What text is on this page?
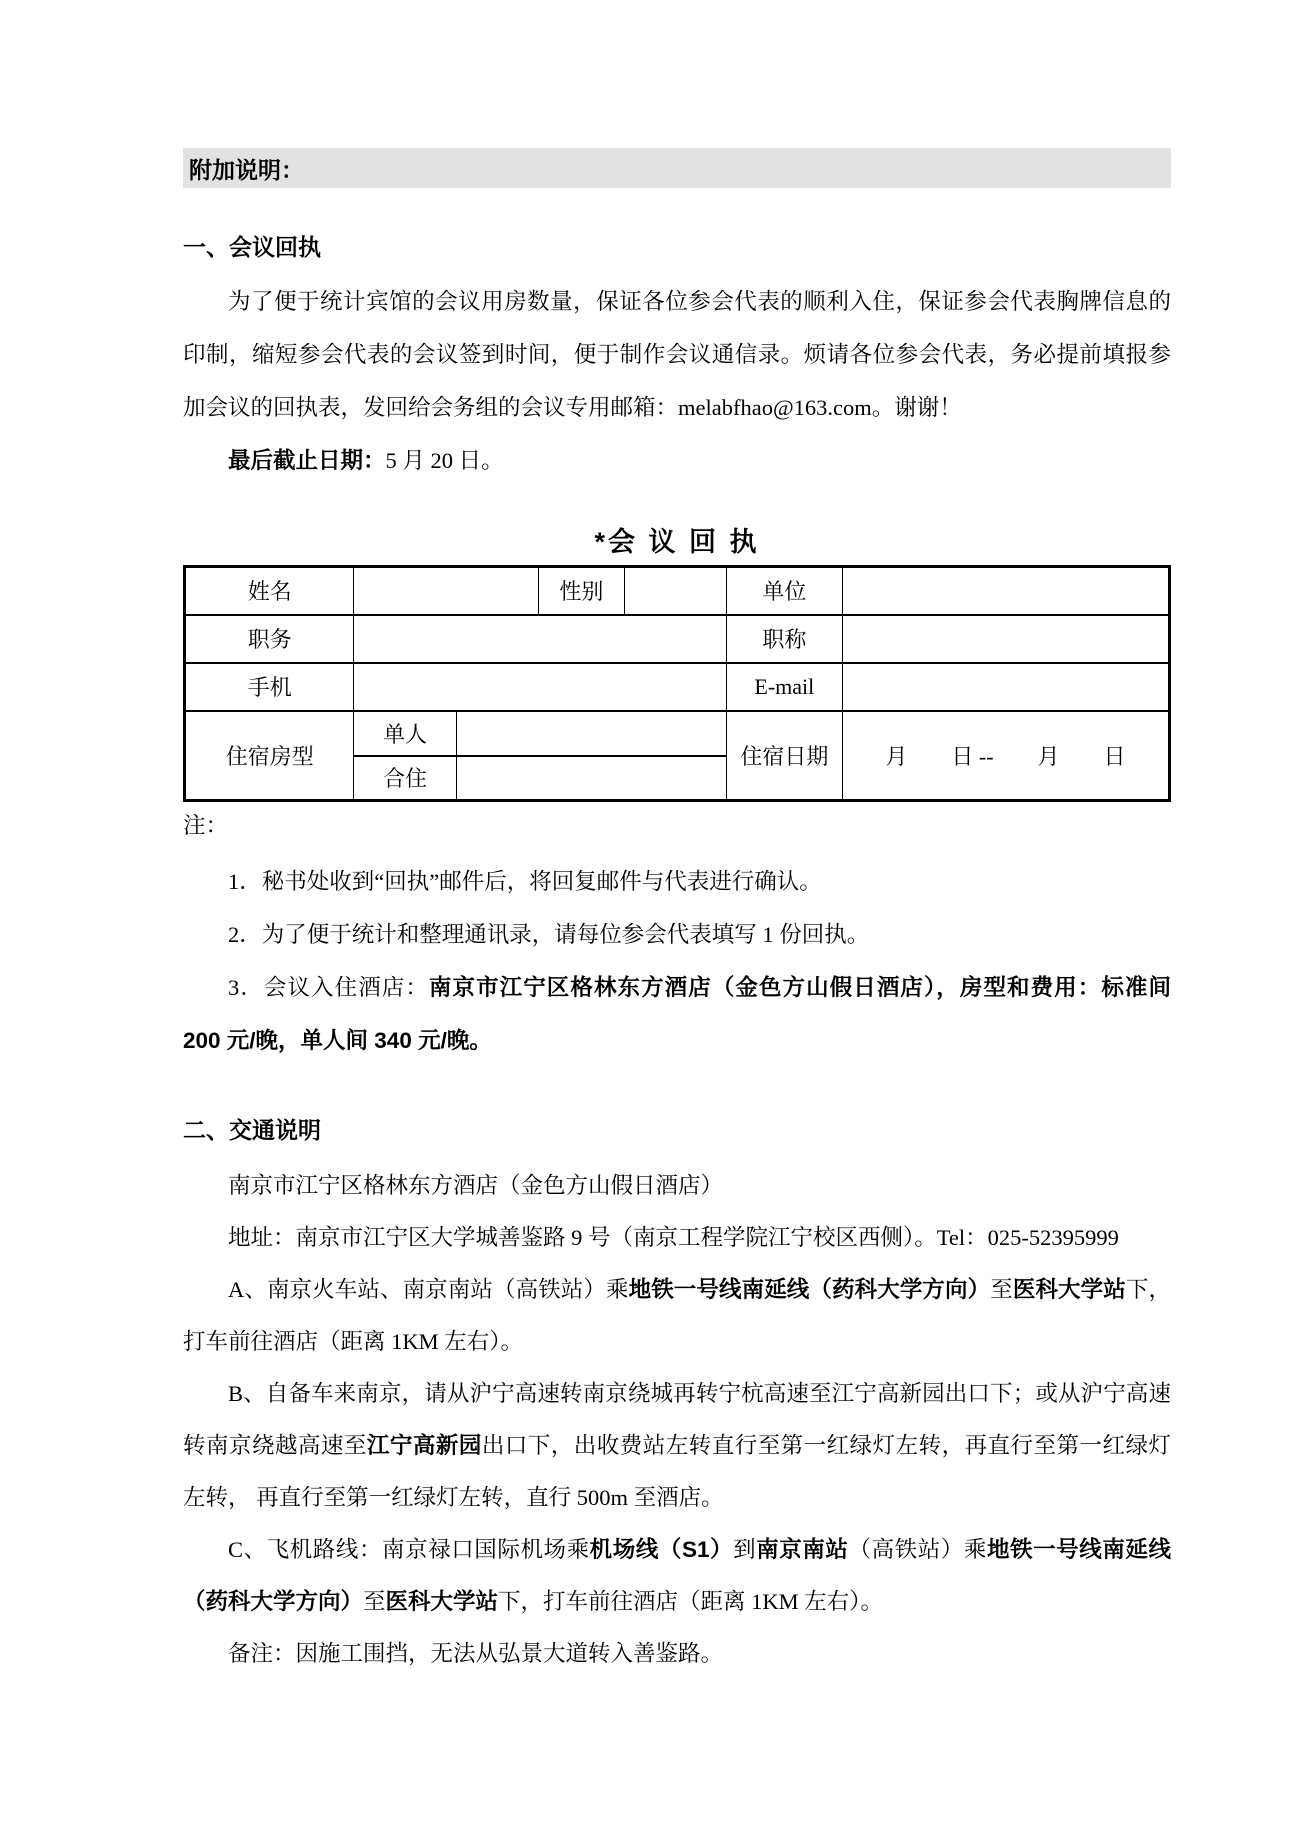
附加说明：
一、会议回执

为了便于统计宾馆的会议用房数量，保证各位参会代表的顺利入住，保证参会代表胸牌信息的印制，缩短参会代表的会议签到时间，便于制作会议通信录。烦请各位参会代表，务必提前填报参加会议的回执表，发回给会务组的会议专用邮箱：melabfhao@163.com。谢谢！

最后截止日期：5 月 20 日。

*会 议 回 执
姓名			性别		单位	
职务					职称	
手机					E-mail	
住宿房型	单人				住宿日期	月　　日 --　　月　　日
	合住					

注：

1．秘书处收到“回执”邮件后，将回复邮件与代表进行确认。

2．为了便于统计和整理通讯录，请每位参会代表填写 1 份回执。

3．会议入住酒店：南京市江宁区格林东方酒店（金色方山假日酒店），房型和费用：标准间 200 元/晚，单人间 340 元/晚。

二、交通说明

南京市江宁区格林东方酒店（金色方山假日酒店）

地址：南京市江宁区大学城善鉴路 9 号（南京工程学院江宁校区西侧）。Tel：025-52395999

A、南京火车站、南京南站（高铁站）乘地铁一号线南延线（药科大学方向）至医科大学站下，打车前往酒店（距离 1KM 左右）。

B、自备车来南京，请从沪宁高速转南京绕城再转宁杭高速至江宁高新园出口下；或从沪宁高速转南京绕越高速至江宁高新园出口下，出收费站左转直行至第一红绿灯左转，再直行至第一红绿灯左转， 再直行至第一红绿灯左转，直行 500m 至酒店。

C、飞机路线：南京禄口国际机场乘机场线（S1）到南京南站（高铁站）乘地铁一号线南延线（药科大学方向）至医科大学站下，打车前往酒店（距离 1KM 左右）。

备注：因施工围挡，无法从弘景大道转入善鉴路。
